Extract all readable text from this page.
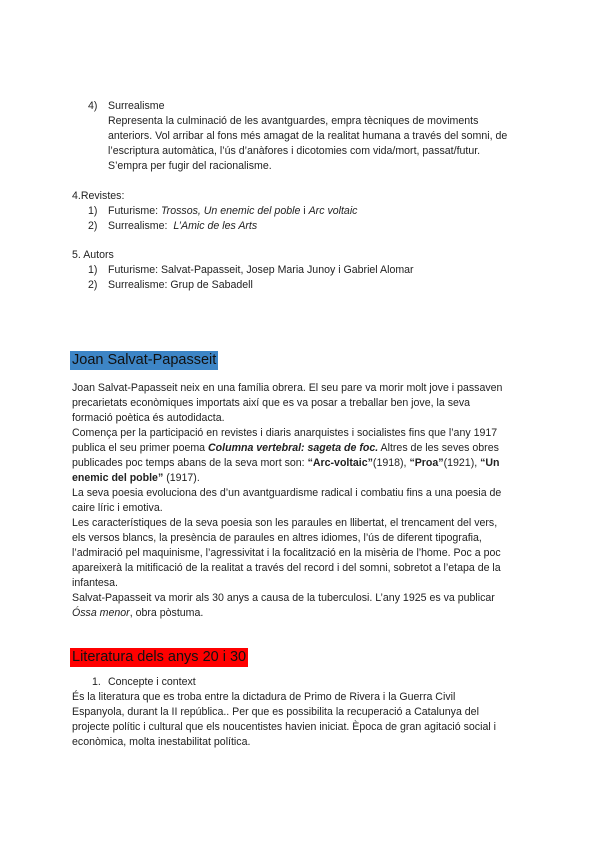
4) Surrealisme
Representa la culminació de les avantguardes, empra tècniques de moviments
anteriors. Vol arribar al fons més amagat de la realitat humana a través del somni, de
l’escriptura automàtica, l’ús d’anàfores i dicotomies com vida/mort, passat/futur.
S’empra per fugir del racionalisme.
4.Revistes:
1) Futurisme: Trossos, Un enemic del poble i Arc voltaic
2) Surrealisme: L’Amic de les Arts
5. Autors
1) Futurisme: Salvat-Papasseit, Josep Maria Junoy i Gabriel Alomar
2) Surrealisme: Grup de Sabadell
Joan Salvat-Papasseit
Joan Salvat-Papasseit neix en una família obrera. El seu pare va morir molt jove i passaven
precarietats econòmiques importats així que es va posar a treballar ben jove, la seva
formació poètica és autodidacta.
Comença per la participació en revistes i diaris anarquistes i socialistes fins que l’any 1917
publica el seu primer poema Columna vertebral: sageta de foc. Altres de les seves obres
publicades poc temps abans de la seva mort son: “Arc-voltaic”(1918), “Proa”(1921), “Un
enemic del poble” (1917).
La seva poesia evoluciona des d’un avantguardisme radical i combatiu fins a una poesia de
caire líric i emotiva.
Les característiques de la seva poesia son les paraules en llibertat, el trencament del vers,
els versos blancs, la presència de paraules en altres idiomes, l’ús de diferent tipografia,
l’admiració pel maquinisme, l’agressivitat i la focalització en la misèria de l’home. Poc a poc
apareixerà la mitificació de la realitat a través del record i del somni, sobretot a l’etapa de la
infantesa.
Salvat-Papasseit va morir als 30 anys a causa de la tuberculosi. L’any 1925 es va publicar
Óssa menor, obra pòstuma.
Literatura dels anys 20 i 30
1. Concepte i context
És la literatura que es troba entre la dictadura de Primo de Rivera i la Guerra Civil
Espanyola, durant la II república.. Per que es possibilita la recuperació a Catalunya del
projecte polític i cultural que els noucentistes havien iniciat. Època de gran agitació social i
econòmica, molta inestabilitat política.
